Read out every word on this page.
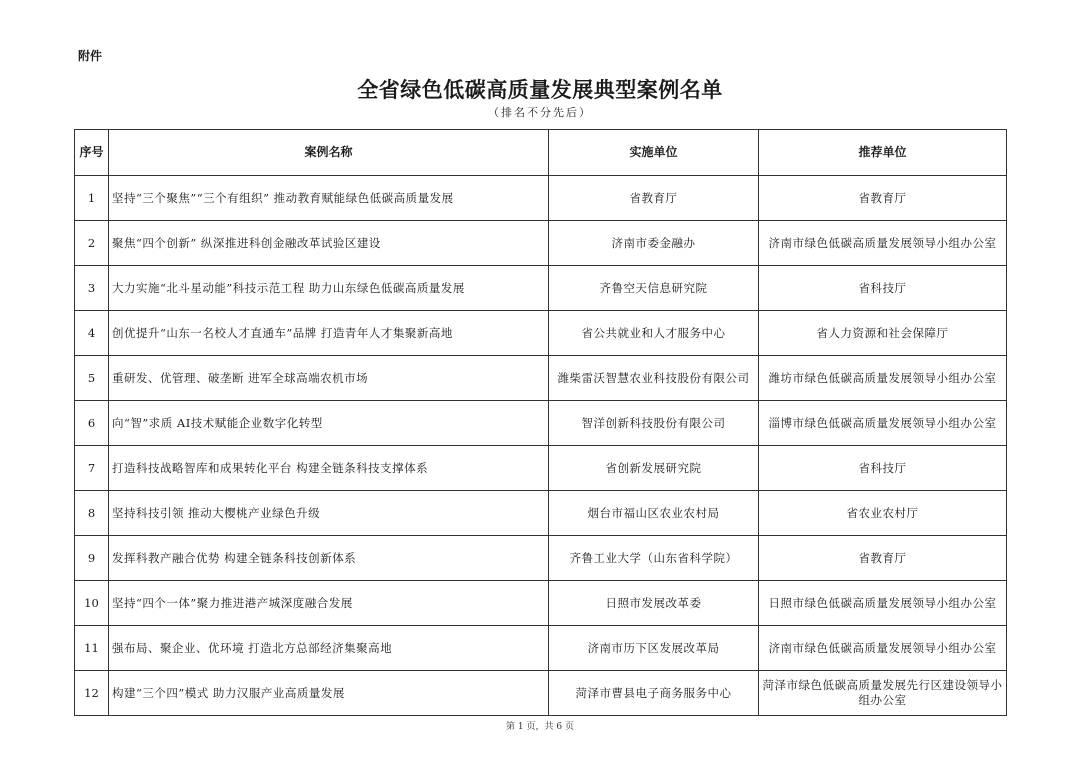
附件
全省绿色低碳高质量发展典型案例名单
（排名不分先后）
序号	案例名称	实施单位	推荐单位
1	坚持“三个聚焦”“三个有组织” 推动教育赋能绿色低碳高质量发展	省教育厅	省教育厅
2	聚焦“四个创新” 纵深推进科创金融改革试验区建设	济南市委金融办	济南市绿色低碳高质量发展领导小组办公室
3	大力实施“北斗星动能”科技示范工程 助力山东绿色低碳高质量发展	齐鲁空天信息研究院	省科技厅
4	创优提升“山东一名校人才直通车”品牌 打造青年人才集聚新高地	省公共就业和人才服务中心	省人力资源和社会保障厅
5	重研发、优管理、破垄断 进军全球高端农机市场	潍柴雷沃智慧农业科技股份有限公司	潍坊市绿色低碳高质量发展领导小组办公室
6	向“智”求质 AI技术赋能企业数字化转型	智洋创新科技股份有限公司	淄博市绿色低碳高质量发展领导小组办公室
7	打造科技战略智库和成果转化平台 构建全链条科技支撑体系	省创新发展研究院	省科技厅
8	坚持科技引领 推动大樱桃产业绿色升级	烟台市福山区农业农村局	省农业农村厅
9	发挥科教产融合优势 构建全链条科技创新体系	齐鲁工业大学（山东省科学院）	省教育厅
10	坚持“四个一体”聚力推进港产城深度融合发展	日照市发展改革委	日照市绿色低碳高质量发展领导小组办公室
11	强布局、聚企业、优环境 打造北方总部经济集聚高地	济南市历下区发展改革局	济南市绿色低碳高质量发展领导小组办公室
12	构建“三个四”模式 助力汉服产业高质量发展	菏泽市曹县电子商务服务中心	菏泽市绿色低碳高质量发展先行区建设领导小组办公室
第 1 页，共 6 页
